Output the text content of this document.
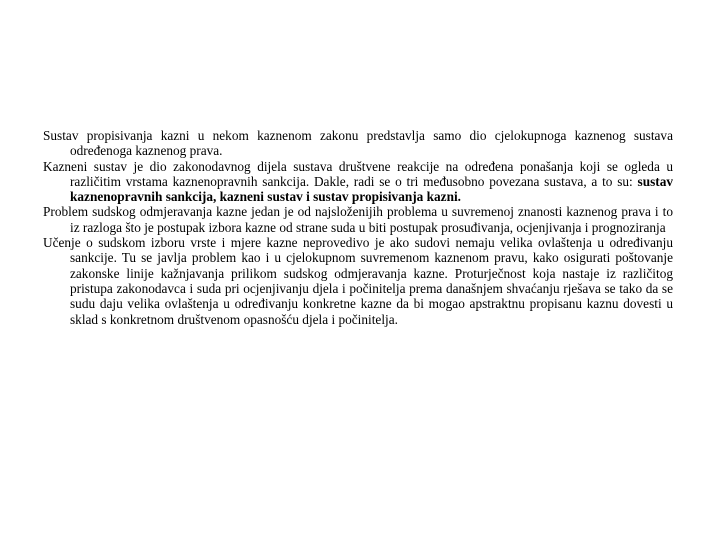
Sustav propisivanja kazni u nekom kaznenom zakonu predstavlja samo dio cjelokupnoga kaznenog sustava određenoga kaznenog prava.

Kazneni sustav je dio zakonodavnog dijela sustava društvene reakcije na određena ponašanja koji se ogleda u različitim vrstama kaznenopravnih sankcija. Dakle, radi se o tri međusobno povezana sustava, a to su: sustav kaznenopravnih sankcija, kazneni sustav i sustav propisivanja kazni.

Problem sudskog odmjeravanja kazne jedan je od najsloženijih problema u suvremenoj znanosti kaznenog prava i to iz razloga što je postupak izbora kazne od strane suda u biti postupak prosuđivanja, ocjenjivanja i prognoziranja

Učenje o sudskom izboru vrste i mjere kazne neprovedivo je ako sudovi nemaju velika ovlaštenja u određivanju sankcije. Tu se javlja problem kao i u cjelokupnom suvremenom kaznenom pravu, kako osigurati poštovanje zakonske linije kažnjavanja prilikom sudskog odmjeravanja kazne. Proturječnost koja nastaje iz različitog pristupa zakonodavca i suda pri ocjenjivanju djela i počinitelja prema današnjem shvaćanju rješava se tako da se sudu daju velika ovlaštenja u određivanju konkretne kazne da bi mogao apstraktnu propisanu kaznu dovesti u sklad s konkretnom društvenom opasnošću djela i počinitelja.
